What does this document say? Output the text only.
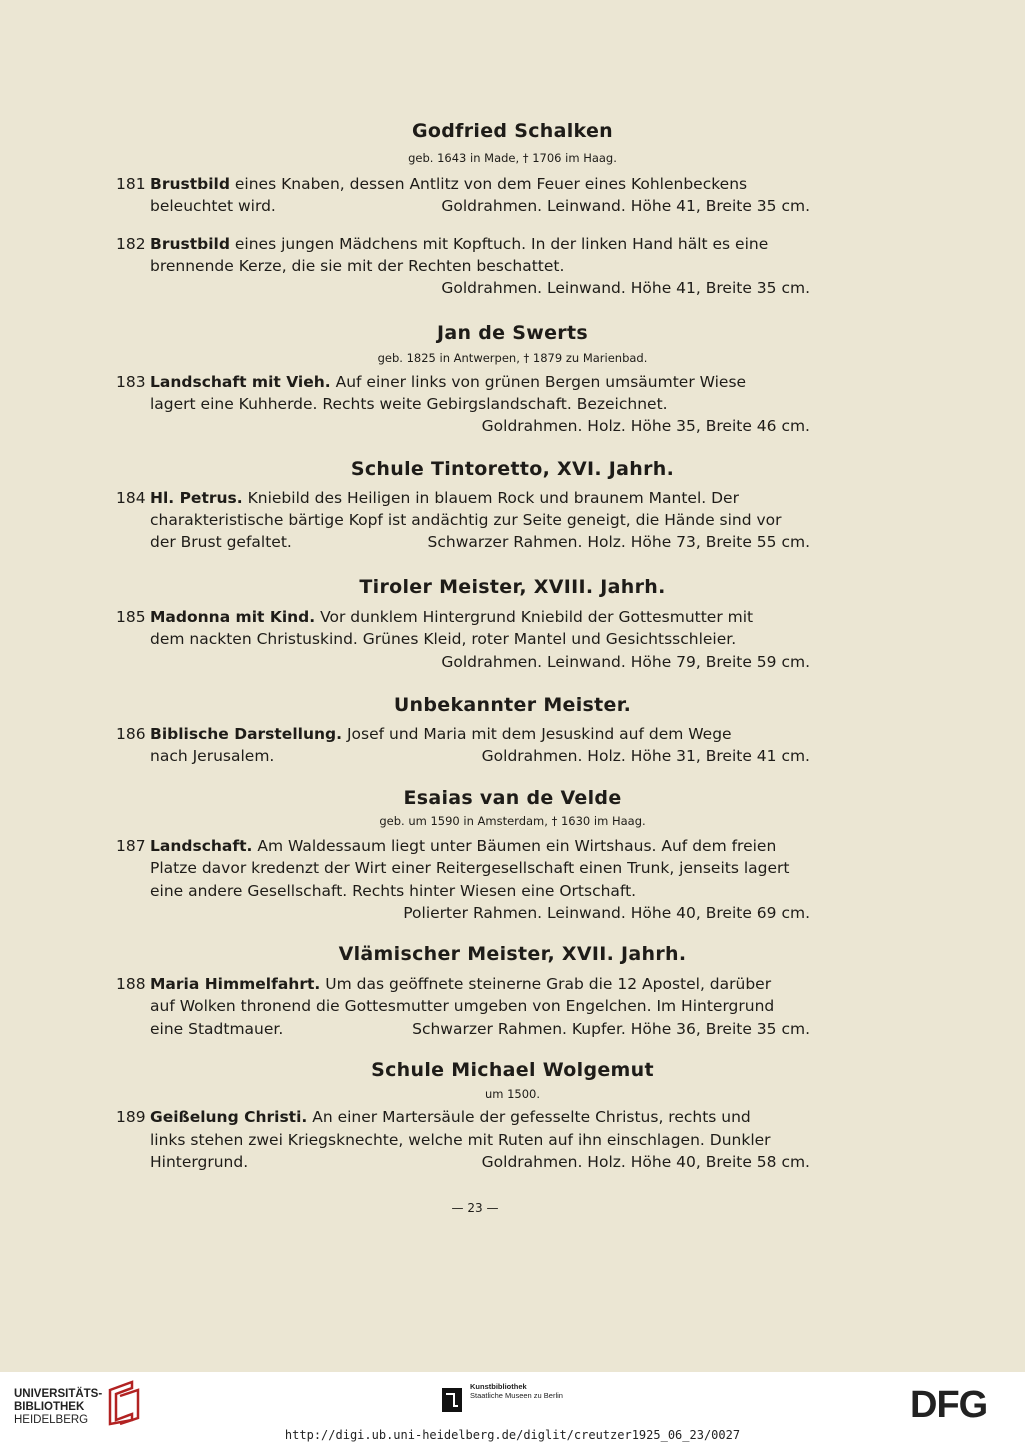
Godfried Schalken
geb. 1643 in Made, † 1706 im Haag.
181 Brustbild eines Knaben, dessen Antlitz von dem Feuer eines Kohlenbeckens
beleuchtet wird.	Goldrahmen. Leinwand. Höhe 41, Breite 35 cm.
182 Brustbild eines jungen Mädchens mit Kopftuch. In der linken Hand hält es eine
brennende Kerze, die sie mit der Rechten beschattet.
Goldrahmen. Leinwand. Höhe 41, Breite 35 cm.
Jan de Swerts
geb. 1825 in Antwerpen, † 1879 zu Marienbad.
183 Landschaft mit Vieh. Auf einer links von grünen Bergen umsäumter Wiese
lagert eine Kuhherde. Rechts weite Gebirgslandschaft. Bezeichnet.
Goldrahmen. Holz. Höhe 35, Breite 46 cm.
Schule Tintoretto, XVI. Jahrh.
184 Hl. Petrus. Kniebild des Heiligen in blauem Rock und braunem Mantel. Der
charakteristische bärtige Kopf ist andächtig zur Seite geneigt, die Hände sind vor
der Brust gefaltet.	Schwarzer Rahmen. Holz. Höhe 73, Breite 55 cm.
Tiroler Meister, XVIII. Jahrh.
185 Madonna mit Kind. Vor dunklem Hintergrund Kniebild der Gottesmutter mit
dem nackten Christuskind. Grünes Kleid, roter Mantel und Gesichtsschleier.
Goldrahmen. Leinwand. Höhe 79, Breite 59 cm.
Unbekannter Meister.
186 Biblische Darstellung. Josef und Maria mit dem Jesuskind auf dem Wege
nach Jerusalem.	Goldrahmen. Holz. Höhe 31, Breite 41 cm.
Esaias van de Velde
geb. um 1590 in Amsterdam, † 1630 im Haag.
187 Landschaft. Am Waldessaum liegt unter Bäumen ein Wirtshaus. Auf dem freien
Platze davor kredenzt der Wirt einer Reitergesellschaft einen Trunk, jenseits lagert
eine andere Gesellschaft. Rechts hinter Wiesen eine Ortschaft.
Polierter Rahmen. Leinwand. Höhe 40, Breite 69 cm.
Vlämischer Meister, XVII. Jahrh.
188 Maria Himmelfahrt. Um das geöffnete steinerne Grab die 12 Apostel, darüber
auf Wolken thronend die Gottesmutter umgeben von Engelchen. Im Hintergrund
eine Stadtmauer.	Schwarzer Rahmen. Kupfer. Höhe 36, Breite 35 cm.
Schule Michael Wolgemut
um 1500.
189 Geißelung Christi. An einer Martersäule der gefesselte Christus, rechts und
links stehen zwei Kriegsknechte, welche mit Ruten auf ihn einschlagen. Dunkler
Hintergrund.	Goldrahmen. Holz. Höhe 40, Breite 58 cm.
— 23 —
UNIVERSITÄTS-
BIBLIOTHEK
HEIDELBERG
Kunstbibliothek
Staatliche Museen zu Berlin	DFG
http://digi.ub.uni-heidelberg.de/diglit/creutzer1925_06_23/0027
